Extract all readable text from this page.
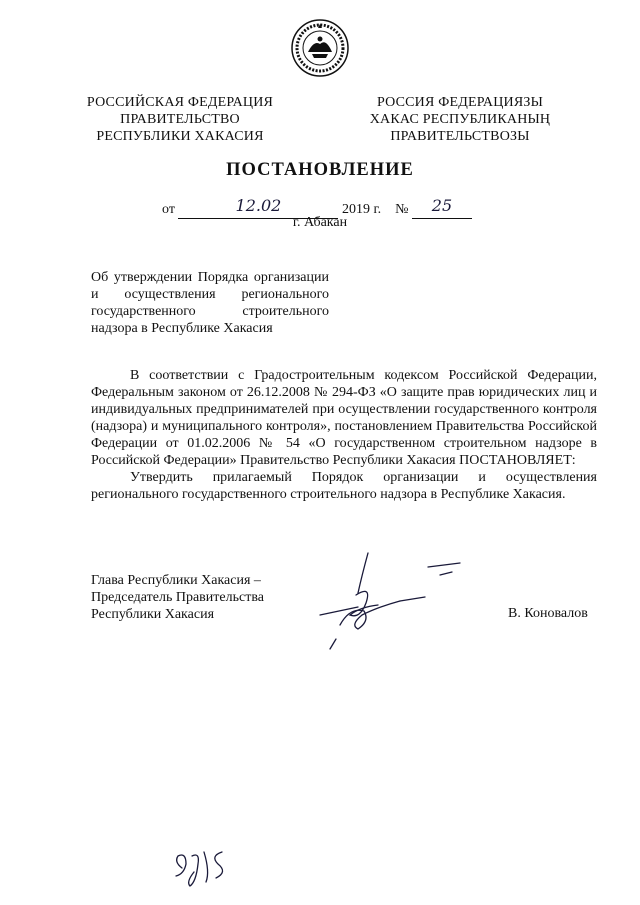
РОССИЙСКАЯ ФЕДЕРАЦИЯ
ПРАВИТЕЛЬСТВО
РЕСПУБЛИКИ ХАКАСИЯ
РОССИЯ ФЕДЕРАЦИЯЗЫ
ХАКАС РЕСПУБЛИКАНЫҢ
ПРАВИТЕЛЬСТВОЗЫ
ПОСТАНОВЛЕНИЕ
от	12.02	2019 г. № 25
г. Абакан
Об утверждении Порядка организации и осуществления регионального государственного строительного надзора в Республике Хакасия

В соответствии с Градостроительным кодексом Российской Федерации, Федеральным законом от 26.12.2008 № 294-ФЗ «О защите прав юридических лиц и индивидуальных предпринимателей при осуществлении государственного контроля (надзора) и муниципального контроля», постановлением Правительства Российской Федерации от 01.02.2006 № 54 «О государственном строительном надзоре в Российской Федерации» Правительство Республики Хакасия ПОСТАНОВЛЯЕТ:

Утвердить прилагаемый Порядок организации и осуществления регионального государственного строительного надзора в Республике Хакасия.

Глава Республики Хакасия –
Председатель Правительства
Республики Хакасия	В. Коновалов
